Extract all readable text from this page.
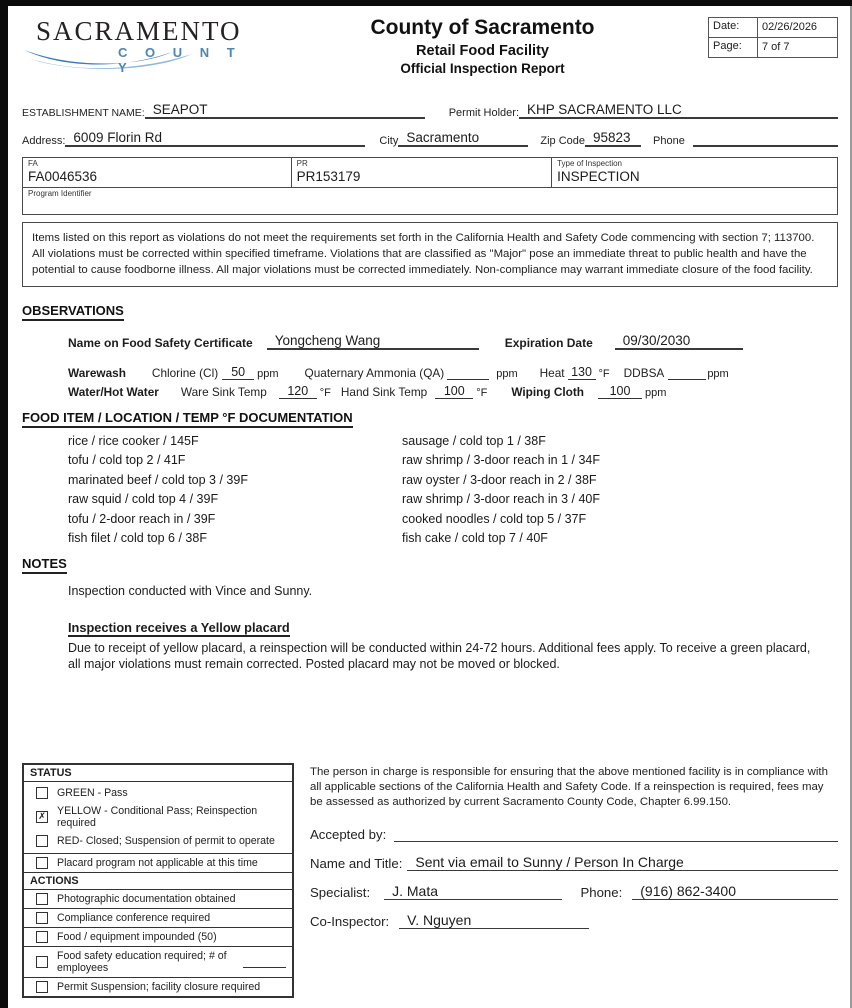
SACRAMENTO
C O U N T Y
County of Sacramento
Retail Food Facility
Official Inspection Report
Date:	02/26/2026
Page:	7 of 7
ESTABLISHMENT NAME: SEAPOT	Permit Holder: KHP SACRAMENTO LLC
Address: 6009 Florin Rd	City Sacramento	Zip Code 95823	Phone
FA
FA0046536
PR
PR153179
Type of Inspection
INSPECTION
Program Identifier
Items listed on this report as violations do not meet the requirements set forth in the California Health and Safety Code commencing with section 7; 113700. All violations must be corrected within specified timeframe. Violations that are classified as "Major" pose an immediate threat to public health and have the potential to cause foodborne illness. All major violations must be corrected immediately. Non-compliance may warrant immediate closure of the food facility.
OBSERVATIONS
Name on Food Safety Certificate	Yongcheng Wang	Expiration Date	09/30/2030
Warewash Chlorine (Cl)	50	ppm Quaternary Ammonia (QA)	ppm Heat 130 °F DDBSA	ppm
Water/Hot Water Ware Sink Temp	120	°F Hand Sink Temp	100	°F Wiping Cloth	100	ppm
FOOD ITEM / LOCATION / TEMP °F DOCUMENTATION
rice / rice cooker / 145F
tofu / cold top 2 / 41F
marinated beef / cold top 3 / 39F
raw squid / cold top 4 / 39F
tofu / 2-door reach in / 39F
fish filet / cold top 6 / 38F
sausage / cold top 1 / 38F
raw shrimp / 3-door reach in 1 / 34F
raw oyster / 3-door reach in 2 / 38F
raw shrimp / 3-door reach in 3 / 40F
cooked noodles / cold top 5 / 37F
fish cake / cold top 7 / 40F
NOTES
Inspection conducted with Vince and Sunny.
Inspection receives a Yellow placard
Due to receipt of yellow placard, a reinspection will be conducted within 24-72 hours. Additional fees apply. To receive a green placard, all major violations must remain corrected. Posted placard may not be moved or blocked.
STATUS
GREEN - Pass
✗ YELLOW - Conditional Pass; Reinspection required
RED- Closed; Suspension of permit to operate
Placard program not applicable at this time
ACTIONS
Photographic documentation obtained
Compliance conference required
Food / equipment impounded (50)
Food safety education required; # of employees
Permit Suspension; facility closure required
The person in charge is responsible for ensuring that the above mentioned facility is in compliance with all applicable sections of the California Health and Safety Code. If a reinspection is required, fees may be assessed as authorized by current Sacramento County Code, Chapter 6.99.150.
Accepted by:
Name and Title: Sent via email to Sunny / Person In Charge
Specialist:	J. Mata	Phone:	(916) 862-3400
Co-Inspector:	V. Nguyen
